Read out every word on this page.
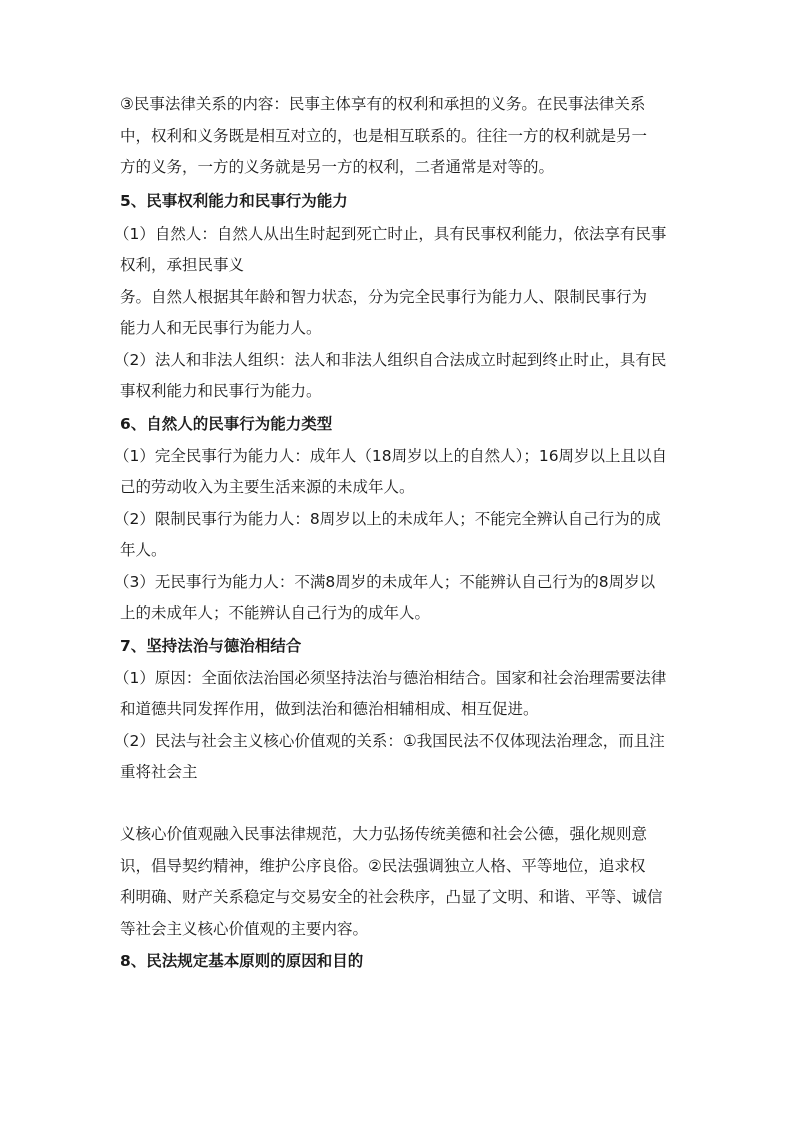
③民事法律关系的内容：民事主体享有的权利和承担的义务。在民事法律关系
中，权利和义务既是相互对立的，也是相互联系的。往往一方的权利就是另一
方的义务，一方的义务就是另一方的权利，二者通常是对等的。
5、民事权利能力和民事行为能力
（1）自然人：自然人从出生时起到死亡时止，具有民事权利能力，依法享有民事
权利，承担民事义
务。自然人根据其年龄和智力状态，分为完全民事行为能力人、限制民事行为
能力人和无民事行为能力人。
（2）法人和非法人组织：法人和非法人组织自合法成立时起到终止时止，具有民
事权利能力和民事行为能力。
6、自然人的民事行为能力类型
（1）完全民事行为能力人：成年人（18周岁以上的自然人）；16周岁以上且以自
己的劳动收入为主要生活来源的未成年人。
（2）限制民事行为能力人：8周岁以上的未成年人；不能完全辨认自己行为的成
年人。
（3）无民事行为能力人：不满8周岁的未成年人；不能辨认自己行为的8周岁以
上的未成年人；不能辨认自己行为的成年人。
7、坚持法治与德治相结合
（1）原因：全面依法治国必须坚持法治与德治相结合。国家和社会治理需要法律
和道德共同发挥作用，做到法治和德治相辅相成、相互促进。
（2）民法与社会主义核心价值观的关系：①我国民法不仅体现法治理念，而且注
重将社会主
义核心价值观融入民事法律规范，大力弘扬传统美德和社会公德，强化规则意
识，倡导契约精神，维护公序良俗。②民法强调独立人格、平等地位，追求权
利明确、财产关系稳定与交易安全的社会秩序，凸显了文明、和谐、平等、诚信
等社会主义核心价值观的主要内容。
8、民法规定基本原则的原因和目的
